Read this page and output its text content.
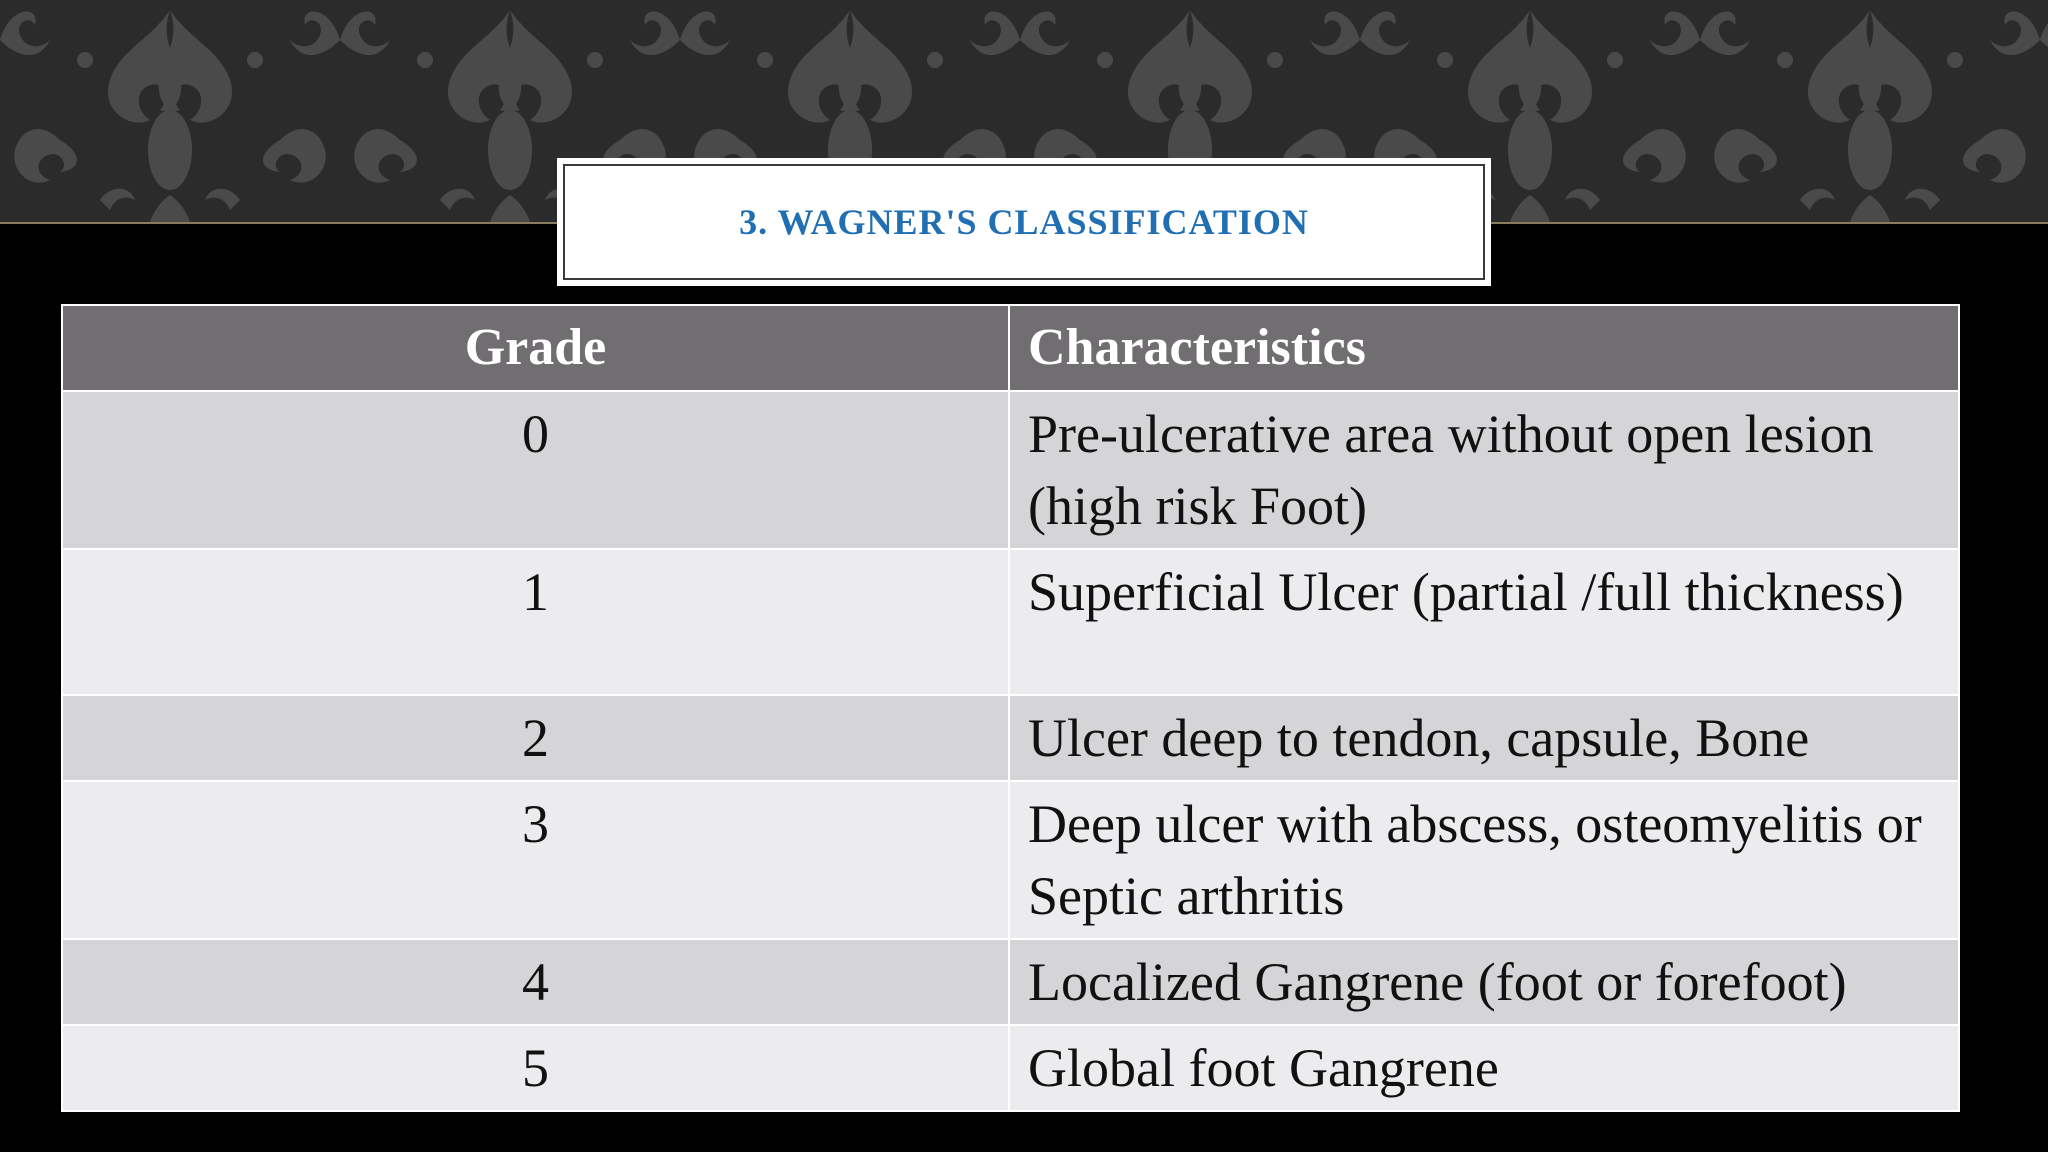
3. WAGNER'S CLASSIFICATION
Grade	Characteristics
0	Pre-ulcerative area without open lesion (high risk Foot)
1	Superficial Ulcer (partial /full thickness)
2	Ulcer deep to tendon, capsule, Bone
3	Deep ulcer with abscess, osteomyelitis or Septic arthritis
4	Localized Gangrene (foot or forefoot)
5	Global foot Gangrene
